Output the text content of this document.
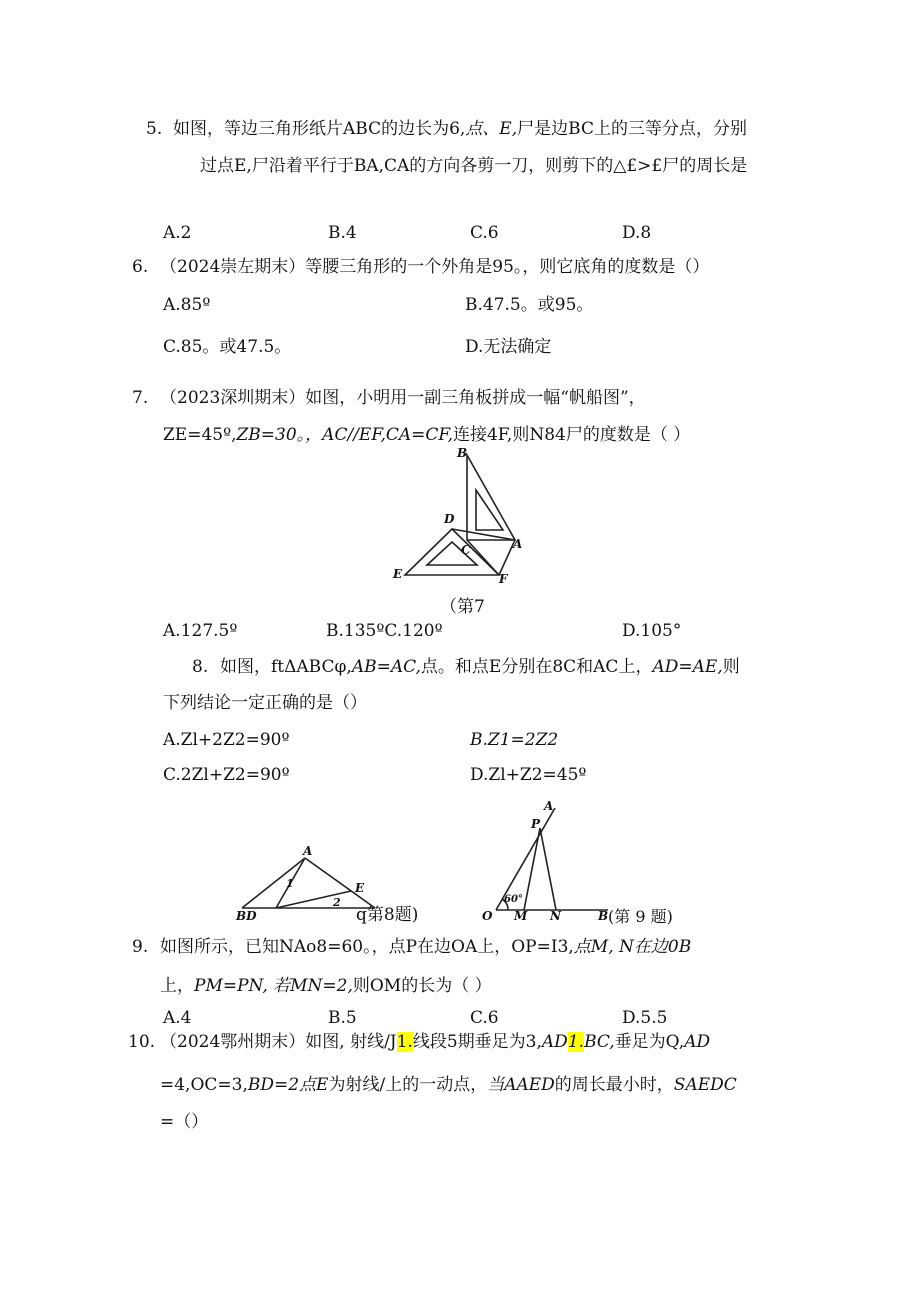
5. 如图，等边三角形纸片ABC的边长为6,点、E,尸是边BC上的三等分点，分别
过点E,尸沿着平行于BA,CA的方向各剪一刀，则剪下的△£>£尸的周长是
A.2	B.4	C.6	D.8
6. （2024崇左期末）等腰三角形的一个外角是95。，则它底角的度数是（）
A.85º	B.47.5。或95。
C.85。或47.5。	D.无法确定
7. （2023深圳期末）如图，小明用一副三角板拼成一幅“帆船图”，
ZE=45º,ZB=30。，AC//EF,CA=CF,连接4F,则N84尸的度数是（ ）
B
D
C	A
E	F
（第7
A.127.5º	B.135ºC.120º	D.105°
8. 如图，ftΔABCφ,AB=AC,点。和点E分别在8C和AC上，AD=AE,则
下列结论一定正确的是（）
A.Zl+2Z2=90º	B.Z1=2Z2
C.2Zl+Z2=90º	D.Zl+Z2=45º
A
BD
E
1
2
q第8题)
A
P
60°
O M N	B (第 9 题)
9. 如图所示，已知NAo8=60。，点P在边OA上，OP=I3,点M, N在边0B
上，PM=PN, 若MN=2,则OM的长为（ ）
A.4	B.5	C.6	D.5.5
10. （2024鄂州期末）如图, 射线/J1.线段5期垂足为3,AD1.BC,垂足为Q,AD
=4,OC=3,BD=2点E为射线/上的一动点，当AAED的周长最小时，SAEDC
=（）
